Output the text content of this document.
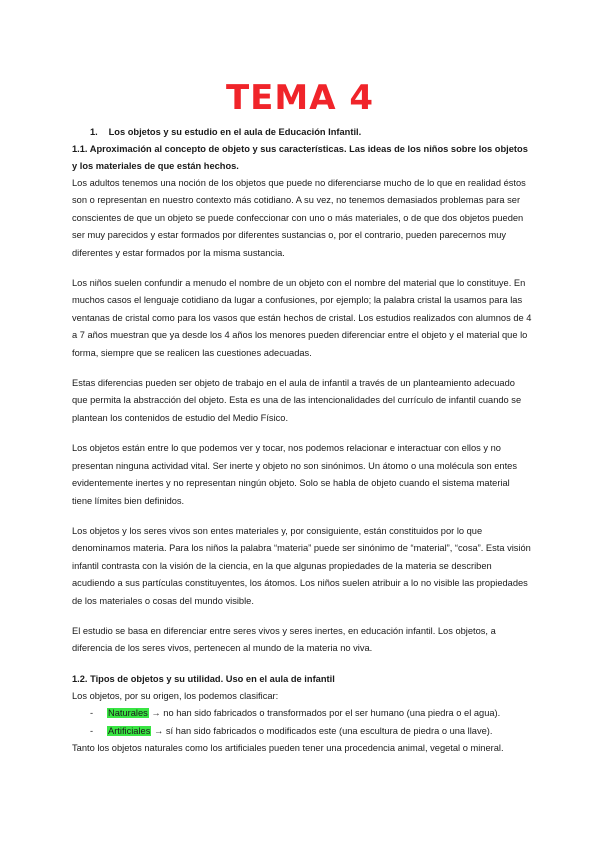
TEMA 4
1. Los objetos y su estudio en el aula de Educación Infantil.
1.1. Aproximación al concepto de objeto y sus características. Las ideas de los niños sobre los objetos y los materiales de que están hechos.

Los adultos tenemos una noción de los objetos que puede no diferenciarse mucho de lo que en realidad éstos son o representan en nuestro contexto más cotidiano. A su vez, no tenemos demasiados problemas para ser conscientes de que un objeto se puede confeccionar con uno o más materiales, o de que dos objetos pueden ser muy parecidos y estar formados por diferentes sustancias o, por el contrario, pueden parecernos muy diferentes y estar formados por la misma sustancia.

Los niños suelen confundir a menudo el nombre de un objeto con el nombre del material que lo constituye. En muchos casos el lenguaje cotidiano da lugar a confusiones, por ejemplo; la palabra cristal la usamos para las ventanas de cristal como para los vasos que están hechos de cristal. Los estudios realizados con alumnos de 4 a 7 años muestran que ya desde los 4 años los menores pueden diferenciar entre el objeto y el material que lo forma, siempre que se realicen las cuestiones adecuadas.

Estas diferencias pueden ser objeto de trabajo en el aula de infantil a través de un planteamiento adecuado que permita la abstracción del objeto. Esta es una de las intencionalidades del currículo de infantil cuando se plantean los contenidos de estudio del Medio Físico.

Los objetos están entre lo que podemos ver y tocar, nos podemos relacionar e interactuar con ellos y no presentan ninguna actividad vital. Ser inerte y objeto no son sinónimos. Un átomo o una molécula son entes evidentemente inertes y no representan ningún objeto. Solo se habla de objeto cuando el sistema material tiene límites bien definidos.

Los objetos y los seres vivos son entes materiales y, por consiguiente, están constituidos por lo que denominamos materia. Para los niños la palabra “materia” puede ser sinónimo de “material”, “cosa”. Esta visión infantil contrasta con la visión de la ciencia, en la que algunas propiedades de la materia se describen acudiendo a sus partículas constituyentes, los átomos. Los niños suelen atribuir a lo no visible las propiedades de los materiales o cosas del mundo visible.

El estudio se basa en diferenciar entre seres vivos y seres inertes, en educación infantil. Los objetos, a diferencia de los seres vivos, pertenecen al mundo de la materia no viva.

1.2. Tipos de objetos y su utilidad. Uso en el aula de infantil

Los objetos, por su origen, los podemos clasificar:

- Naturales → no han sido fabricados o transformados por el ser humano (una piedra o el agua).
- Artificiales → sí han sido fabricados o modificados este (una escultura de piedra o una llave).

Tanto los objetos naturales como los artificiales pueden tener una procedencia animal, vegetal o mineral.
